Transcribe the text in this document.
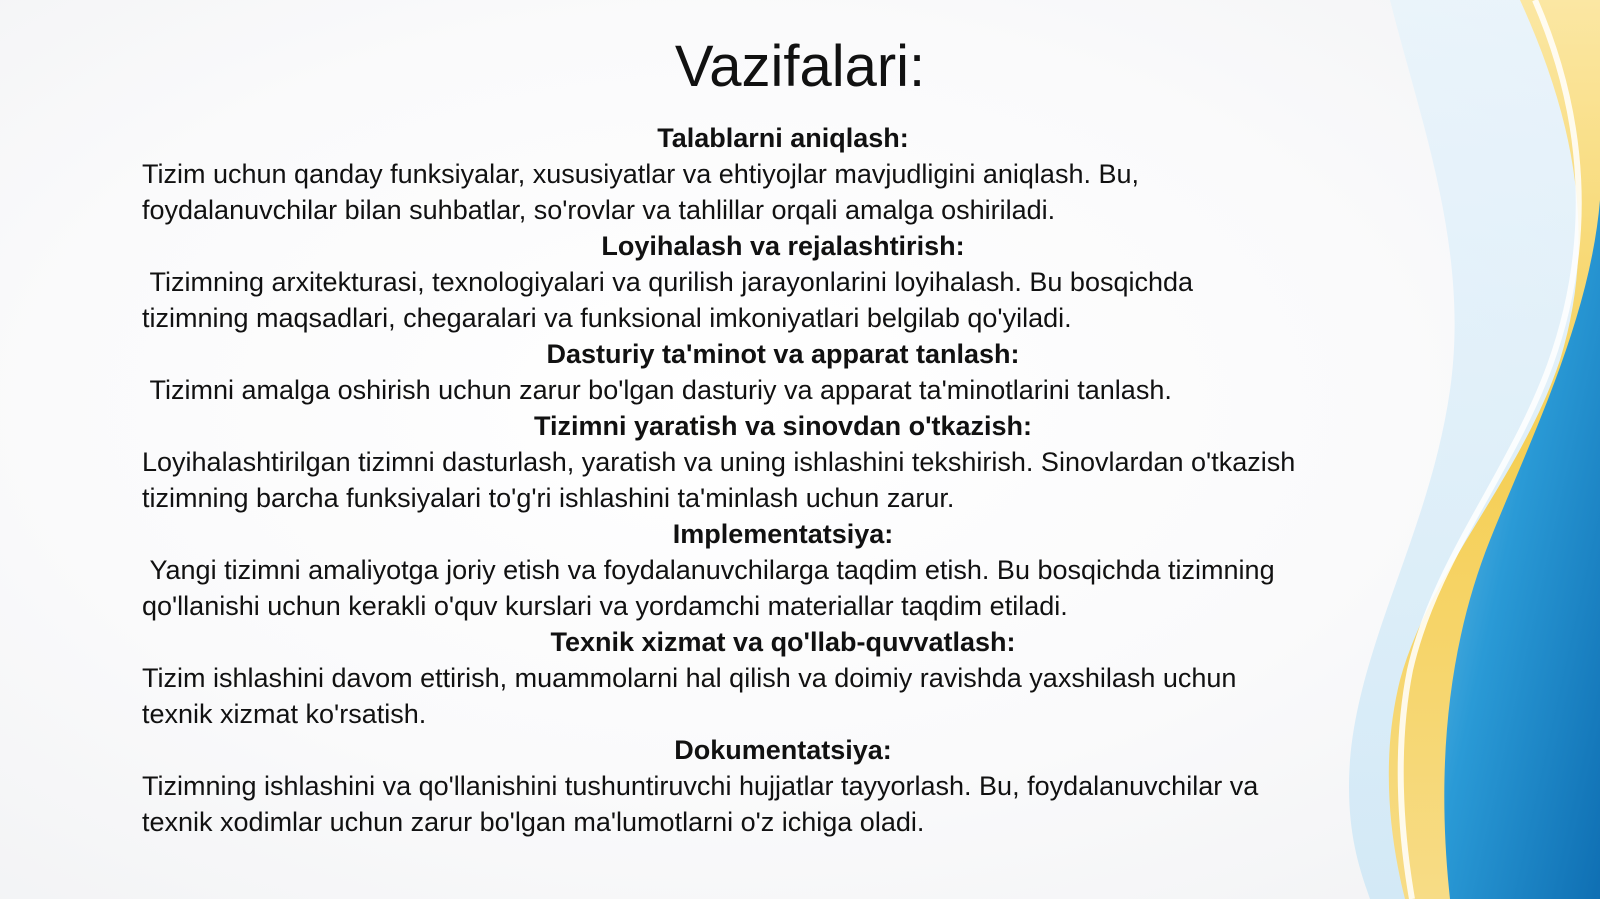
Vazifalari:
Talablarni aniqlash:
Tizim uchun qanday funksiyalar, xususiyatlar va ehtiyojlar mavjudligini aniqlash. Bu,
foydalanuvchilar bilan suhbatlar, so'rovlar va tahlillar orqali amalga oshiriladi.
Loyihalash va rejalashtirish:
Tizimning arxitekturasi, texnologiyalari va qurilish jarayonlarini loyihalash. Bu bosqichda
tizimning maqsadlari, chegaralari va funksional imkoniyatlari belgilab qo'yiladi.
Dasturiy ta'minot va apparat tanlash:
Tizimni amalga oshirish uchun zarur bo'lgan dasturiy va apparat ta'minotlarini tanlash.
Tizimni yaratish va sinovdan o'tkazish:
Loyihalashtirilgan tizimni dasturlash, yaratish va uning ishlashini tekshirish. Sinovlardan o'tkazish
tizimning barcha funksiyalari to'g'ri ishlashini ta'minlash uchun zarur.
Implementatsiya:
Yangi tizimni amaliyotga joriy etish va foydalanuvchilarga taqdim etish. Bu bosqichda tizimning
qo'llanishi uchun kerakli o'quv kurslari va yordamchi materiallar taqdim etiladi.
Texnik xizmat va qo'llab-quvvatlash:
Tizim ishlashini davom ettirish, muammolarni hal qilish va doimiy ravishda yaxshilash uchun
texnik xizmat ko'rsatish.
Dokumentatsiya:
Tizimning ishlashini va qo'llanishini tushuntiruvchi hujjatlar tayyorlash. Bu, foydalanuvchilar va
texnik xodimlar uchun zarur bo'lgan ma'lumotlarni o'z ichiga oladi.
